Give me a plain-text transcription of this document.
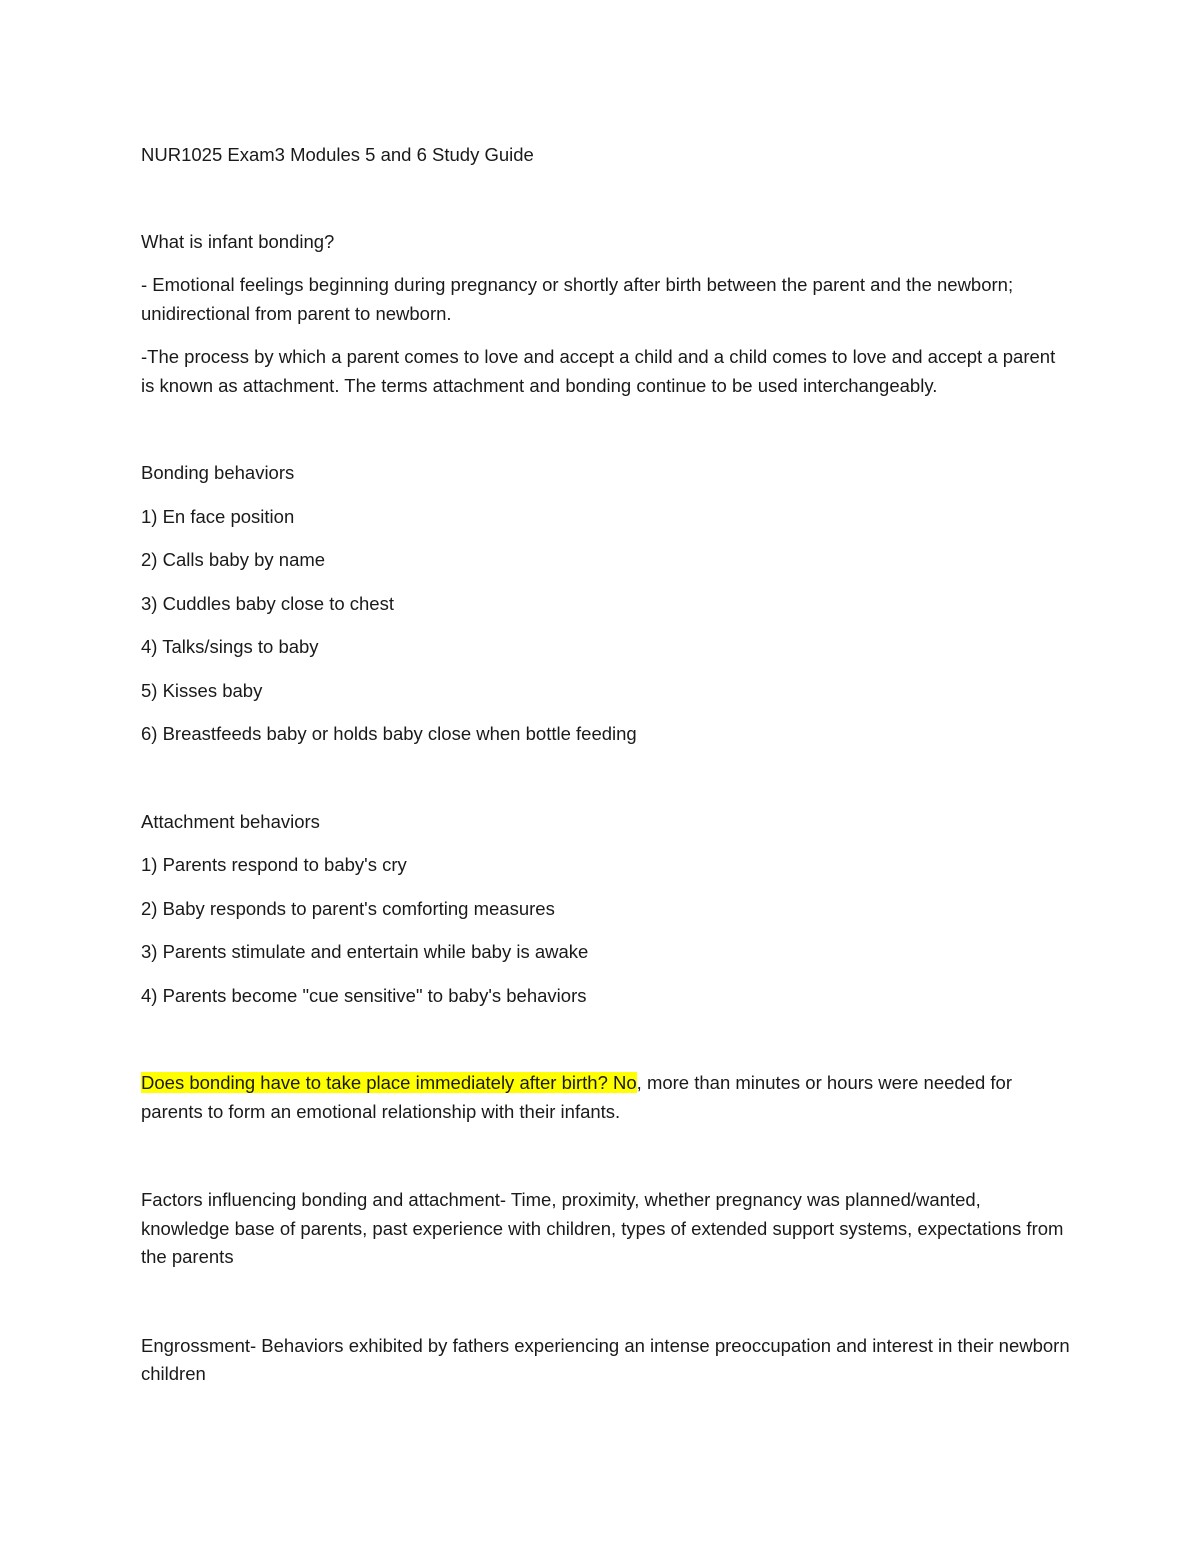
NUR1025 Exam3 Modules 5 and 6 Study Guide

What is infant bonding?

- Emotional feelings beginning during pregnancy or shortly after birth between the parent and the newborn; unidirectional from parent to newborn.

-The process by which a parent comes to love and accept a child and a child comes to love and accept a parent is known as attachment. The terms attachment and bonding continue to be used interchangeably.

Bonding behaviors

1) En face position

2) Calls baby by name

3) Cuddles baby close to chest

4) Talks/sings to baby

5) Kisses baby

6) Breastfeeds baby or holds baby close when bottle feeding

Attachment behaviors

1) Parents respond to baby's cry

2) Baby responds to parent's comforting measures

3) Parents stimulate and entertain while baby is awake

4) Parents become "cue sensitive" to baby's behaviors

Does bonding have to take place immediately after birth? No, more than minutes or hours were needed for parents to form an emotional relationship with their infants.

Factors influencing bonding and attachment- Time, proximity, whether pregnancy was planned/wanted, knowledge base of parents, past experience with children, types of extended support systems, expectations from the parents

Engrossment- Behaviors exhibited by fathers experiencing an intense preoccupation and interest in their newborn children
